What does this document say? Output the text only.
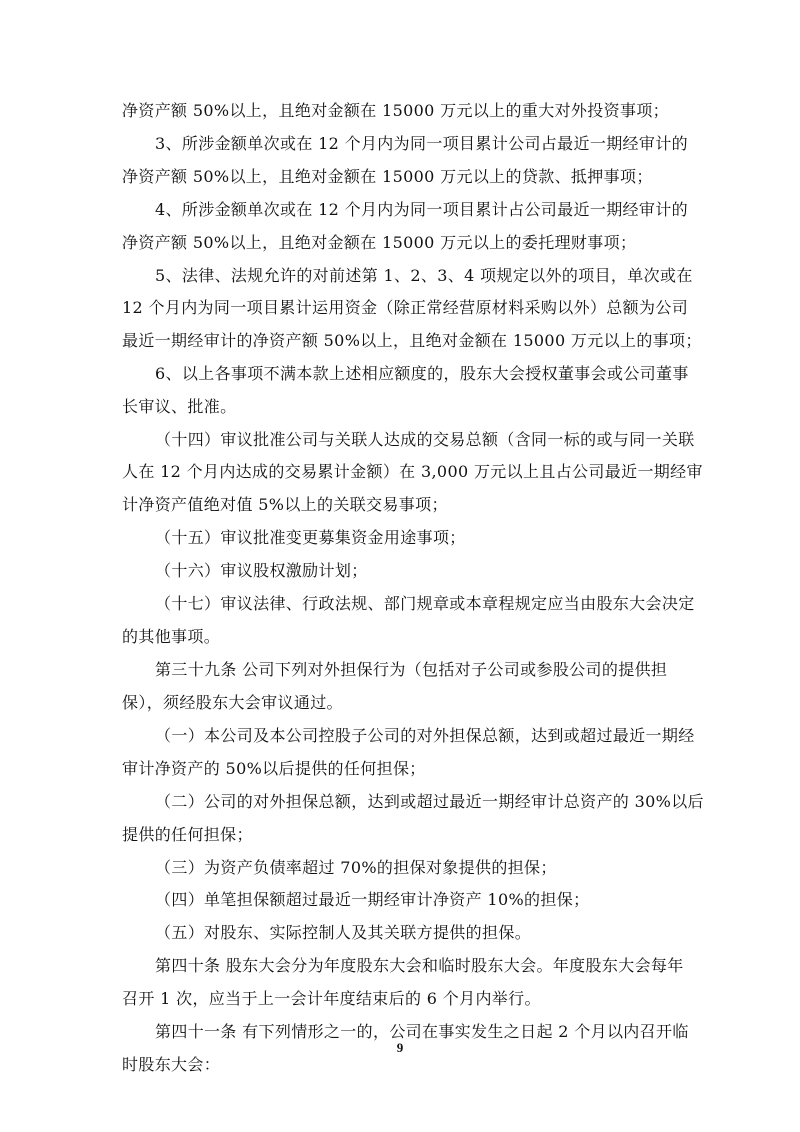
净资产额 50%以上，且绝对金额在 15000 万元以上的重大对外投资事项；
3、所涉金额单次或在 12 个月内为同一项目累计公司占最近一期经审计的
净资产额 50%以上，且绝对金额在 15000 万元以上的贷款、抵押事项；
4、所涉金额单次或在 12 个月内为同一项目累计占公司最近一期经审计的
净资产额 50%以上，且绝对金额在 15000 万元以上的委托理财事项；
5、法律、法规允许的对前述第 1、2、3、4 项规定以外的项目，单次或在
12 个月内为同一项目累计运用资金（除正常经营原材料采购以外）总额为公司
最近一期经审计的净资产额 50%以上，且绝对金额在 15000 万元以上的事项；
6、以上各事项不满本款上述相应额度的，股东大会授权董事会或公司董事
长审议、批准。
（十四）审议批准公司与关联人达成的交易总额（含同一标的或与同一关联
人在 12 个月内达成的交易累计金额）在 3,000 万元以上且占公司最近一期经审
计净资产值绝对值 5%以上的关联交易事项；
（十五）审议批准变更募集资金用途事项；
（十六）审议股权激励计划；
（十七）审议法律、行政法规、部门规章或本章程规定应当由股东大会决定
的其他事项。
第三十九条 公司下列对外担保行为（包括对子公司或参股公司的提供担
保），须经股东大会审议通过。
（一）本公司及本公司控股子公司的对外担保总额，达到或超过最近一期经
审计净资产的 50%以后提供的任何担保；
（二）公司的对外担保总额，达到或超过最近一期经审计总资产的 30%以后
提供的任何担保；
（三）为资产负债率超过 70%的担保对象提供的担保；
（四）单笔担保额超过最近一期经审计净资产 10%的担保；
（五）对股东、实际控制人及其关联方提供的担保。
第四十条 股东大会分为年度股东大会和临时股东大会。年度股东大会每年
召开 1 次，应当于上一会计年度结束后的 6 个月内举行。
第四十一条 有下列情形之一的，公司在事实发生之日起 2 个月以内召开临
时股东大会：
9
